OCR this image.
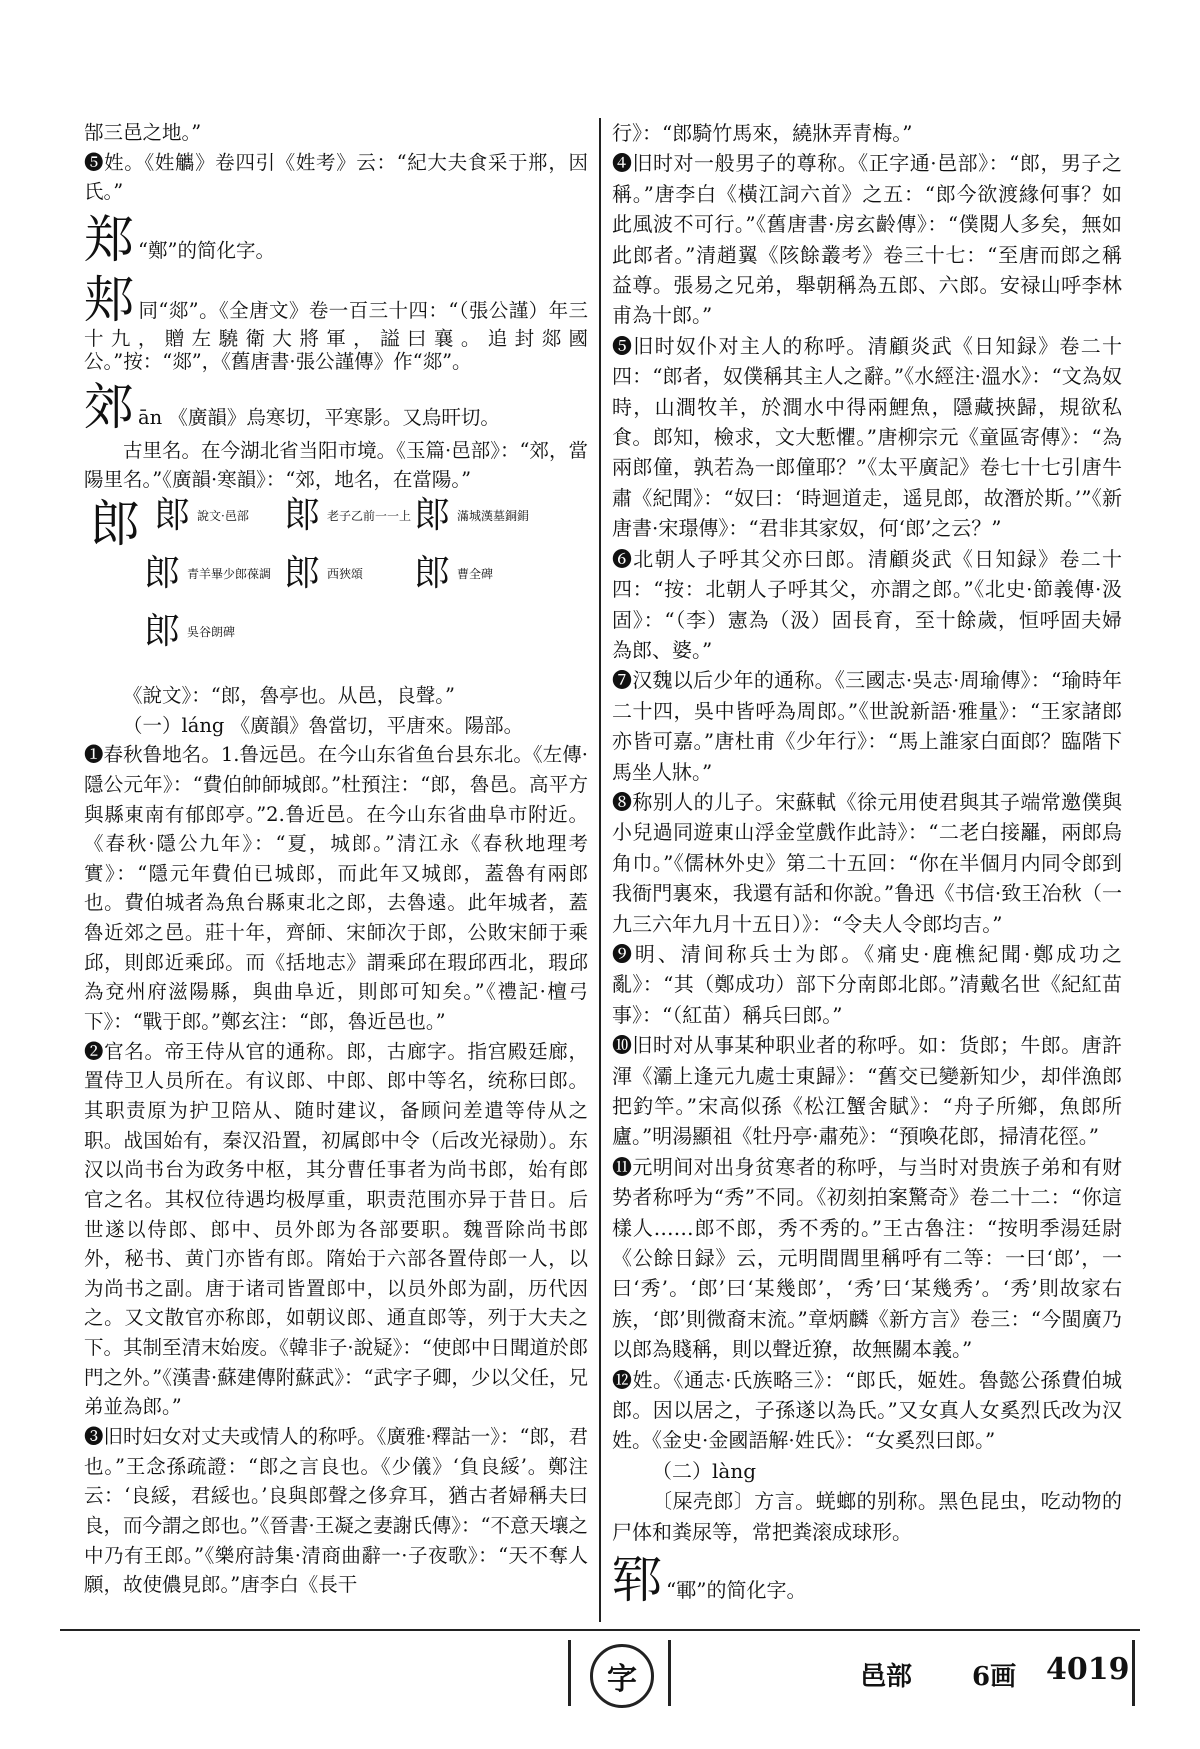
郜三邑之地。”

❺姓。《姓觿》卷四引《姓考》云：“紀大夫食采于郱，因氏。”

郑 “鄭”的简化字。

郏同“郯”。《全唐文》卷一百三十四：“（張公謹）年三十九，贈左驍衛大將軍，謚曰襄。追封郯國公。”按：“郯”，《舊唐書·張公謹傳》作“郯”。

郊ān 《廣韻》烏寒切，平寒影。又烏旰切。

古里名。在今湖北省当阳市境。《玉篇·邑部》：“郊，當陽里名。”《廣韻·寒韻》：“郊，地名，在當陽。”

郎 郞 說文·邑部 郞 老子乙前一一上 郞 滿城漢墓銅鋗
郎 青羊畢少郎葆調 郎 西狹頌	郎 曹全碑
郎 吳谷朗碑

《說文》：“郎，魯亭也。从邑，良聲。”

（一）láng 《廣韻》魯當切，平唐來。陽部。

❶春秋鲁地名。1.鲁远邑。在今山东省鱼台县东北。《左傳·隱公元年》：“費伯帥師城郎。”杜預注：“郎，魯邑。高平方與縣東南有郁郎亭。”2.鲁近邑。在今山东省曲阜市附近。《春秋·隱公九年》：“夏，城郎。”清江永《春秋地理考實》：“隱元年費伯已城郎，而此年又城郎，蓋魯有兩郎也。費伯城者為魚台縣東北之郎，去魯遠。此年城者，蓋魯近郊之邑。莊十年，齊師、宋師次于郎，公敗宋師于乘邱，則郎近乘邱。而《括地志》謂乘邱在瑕邱西北，瑕邱為兗州府滋陽縣，與曲阜近，則郎可知矣。”《禮記·檀弓下》：“戰于郎。”鄭玄注：“郎，魯近邑也。”

❷官名。帝王侍从官的通称。郎，古廊字。指宫殿廷廊，置侍卫人员所在。有议郎、中郎、郎中等名，统称曰郎。其职责原为护卫陪从、随时建议，备顾问差遣等侍从之职。战国始有，秦汉沿置，初属郎中令（后改光禄勋）。东汉以尚书台为政务中枢，其分曹任事者为尚书郎，始有郎官之名。其权位待遇均极厚重，职责范围亦异于昔日。后世遂以侍郎、郎中、员外郎为各部要职。魏晋除尚书郎外，秘书、黄门亦皆有郎。隋始于六部各置侍郎一人，以为尚书之副。唐于诸司皆置郎中，以员外郎为副，历代因之。又文散官亦称郎，如朝议郎、通直郎等，列于大夫之下。其制至清末始废。《韓非子·說疑》：“使郎中日聞道於郎門之外。”《漢書·蘇建傳附蘇武》：“武字子卿，少以父任，兄弟並為郎。”

❸旧时妇女对丈夫或情人的称呼。《廣雅·釋詁一》：“郎，君也。”王念孫疏證：“郎之言良也。《少儀》‘負良綏’。鄭注云：‘良綏，君綏也。’良與郎聲之侈弇耳，猶古者婦稱夫曰良，而今謂之郎也。”《晉書·王凝之妻謝氏傳》：“不意天壤之中乃有王郎。”《樂府詩集·清商曲辭一·子夜歌》：“天不奪人願，故使儂見郎。”唐李白《長干

行》：“郎騎竹馬來，繞牀弄青梅。”

❹旧时对一般男子的尊称。《正字通·邑部》：“郎，男子之稱。”唐李白《橫江詞六首》之五：“郎今欲渡緣何事？如此風波不可行。”《舊唐書·房玄齡傳》：“僕閱人多矣，無如此郎者。”清趙翼《陔餘叢考》卷三十七：“至唐而郎之稱益尊。張易之兄弟，舉朝稱為五郎、六郎。安禄山呼李林甫為十郎。”

❺旧时奴仆对主人的称呼。清顧炎武《日知録》卷二十四：“郎者，奴僕稱其主人之辭。”《水經注·溫水》：“文為奴時，山澗牧羊，於澗水中得兩鯉魚，隱藏挾歸，規欲私食。郎知，檢求，文大慙懼。”唐柳宗元《童區寄傳》：“為兩郎僮，孰若為一郎僮耶？”《太平廣記》卷七十七引唐牛肅《紀聞》：“奴曰：‘時迴道走，遥見郎，故潛於斯。’”《新唐書·宋璟傳》：“君非其家奴，何‘郎’之云？”

❻北朝人子呼其父亦曰郎。清顧炎武《日知録》卷二十四：“按：北朝人子呼其父，亦謂之郎。”《北史·節義傳·汲固》：“（李）憲為（汲）固長育，至十餘歲，恒呼固夫婦為郎、婆。”

❼汉魏以后少年的通称。《三國志·吳志·周瑜傳》：“瑜時年二十四，吳中皆呼為周郎。”《世說新語·雅量》：“王家諸郎亦皆可嘉。”唐杜甫《少年行》：“馬上誰家白面郎？臨階下馬坐人牀。”

❽称别人的儿子。宋蘇軾《徐元用使君與其子端常邀僕與小兒過同遊東山浮金堂戲作此詩》：“二老白接䍦，兩郎烏角巾。”《儒林外史》第二十五回：“你在半個月内同令郎到我衙門裏來，我還有話和你說。”鲁迅《书信·致王冶秋（一九三六年九月十五日）》：“令夫人令郎均吉。”

❾明、清间称兵士为郎。《痛史·鹿樵紀聞·鄭成功之亂》：“其（鄭成功）部下分南郎北郎。”清戴名世《紀紅苗事》：“（紅苗）稱兵曰郎。”

❿旧时对从事某种职业者的称呼。如：货郎；牛郎。唐許渾《灞上逢元九處士東歸》：“舊交已變新知少，却伴漁郎把釣竿。”宋高似孫《松江蟹舍賦》：“舟子所鄉，魚郎所廬。”明湯顯祖《牡丹亭·肅苑》：“預喚花郎，掃清花徑。”

⓫元明间对出身贫寒者的称呼，与当时对贵族子弟和有财势者称呼为“秀”不同。《初刻拍案驚奇》卷二十二：“你這樣人……郎不郎，秀不秀的。”王古魯注：“按明季湯廷尉《公餘日録》云，元明間閭里稱呼有二等：一曰‘郎’，一曰‘秀’。‘郎’曰‘某幾郎’，‘秀’曰‘某幾秀’。‘秀’則故家右族，‘郎’則微裔末流。”章炳麟《新方言》卷三：“今閩廣乃以郎為賤稱，則以聲近獠，故無關本義。”

⓬姓。《通志·氏族略三》：“郎氏，姬姓。魯懿公孫費伯城郎。因以居之，子孫遂以為氏。”又女真人女奚烈氏改为汉姓。《金史·金國語解·姓氏》：“女奚烈曰郎。”

（二）làng

〔屎壳郎〕方言。蜣螂的别称。黑色昆虫，吃动物的尸体和粪尿等，常把粪滚成球形。

郓 “鄆”的简化字。

字	邑部 6画 4019
